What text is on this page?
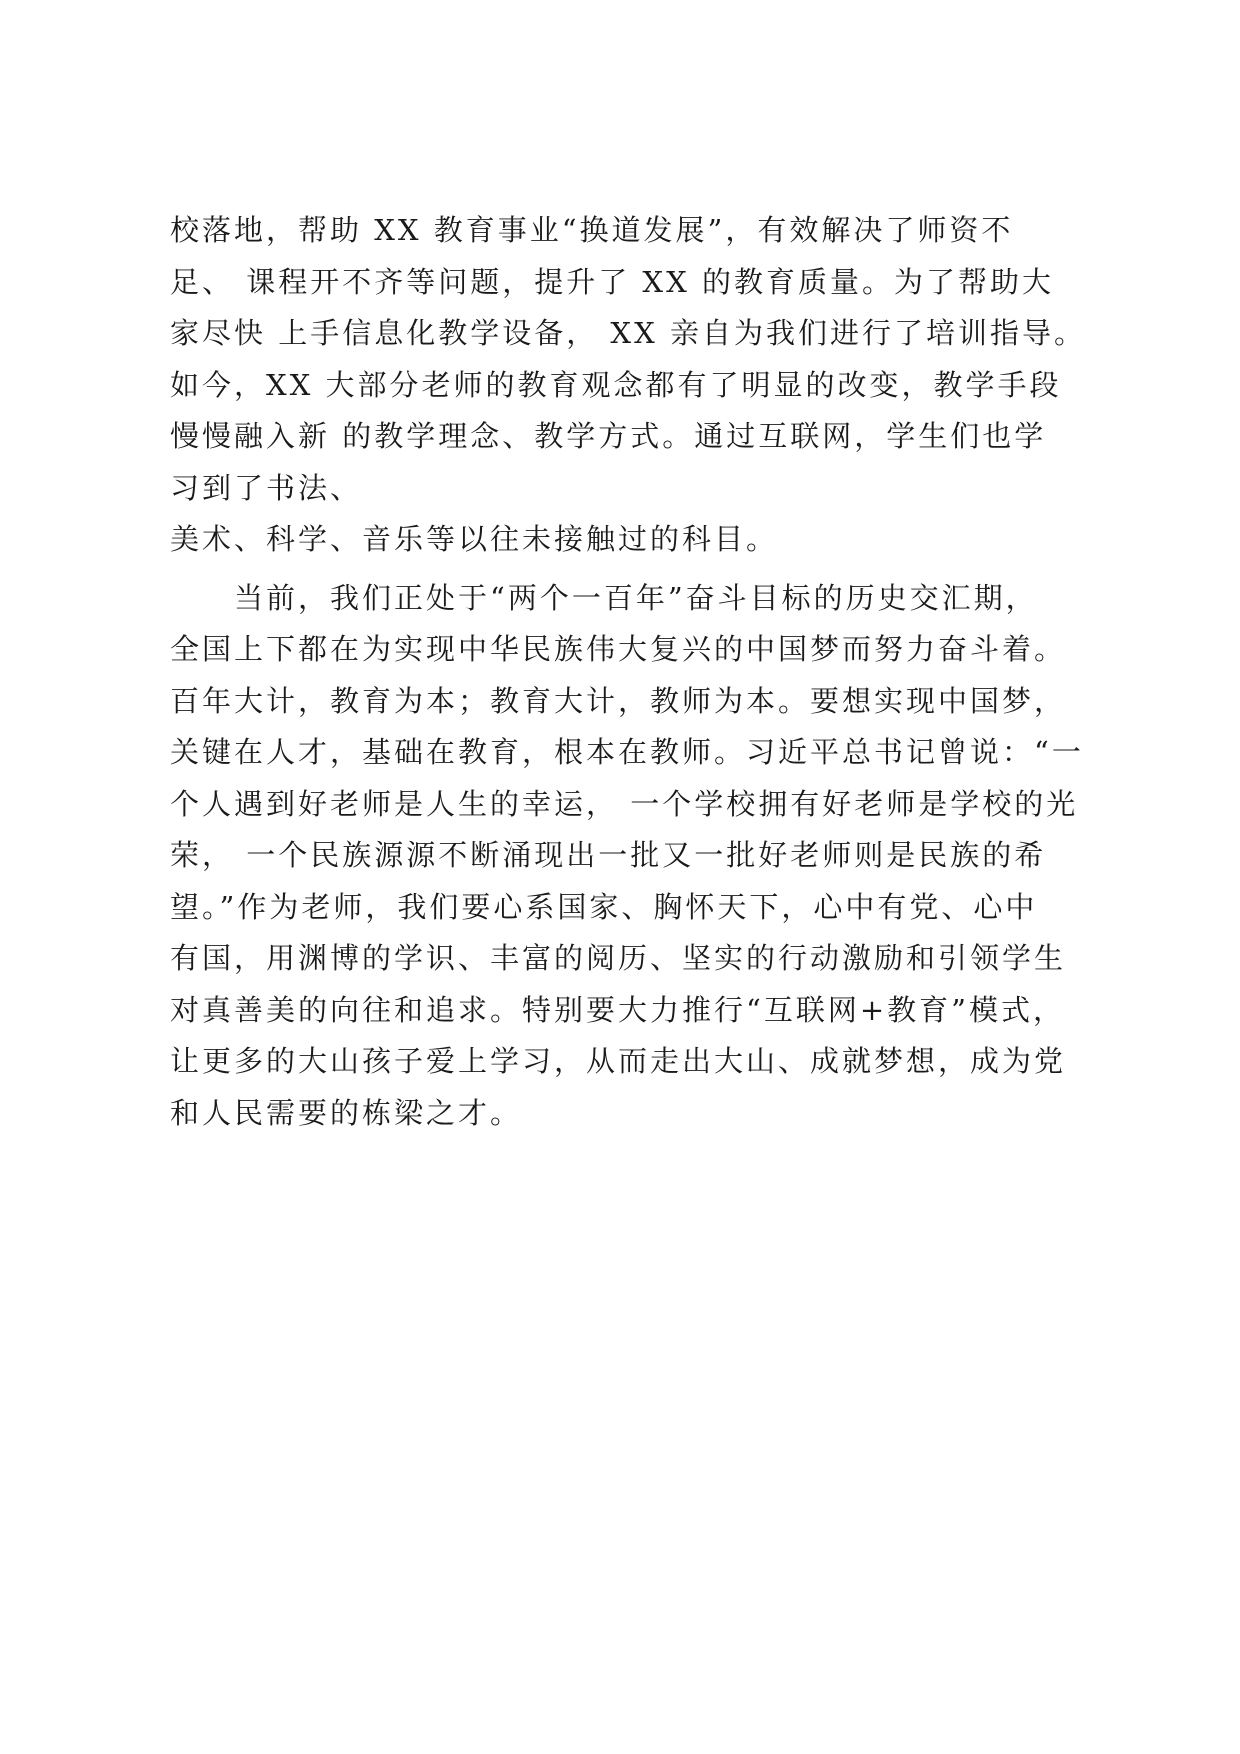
校落地，帮助 XX 教育事业“换道发展”，有效解决了师资不
足、 课程开不齐等问题，提升了 XX 的教育质量。为了帮助大
家尽快 上手信息化教学设备， XX 亲自为我们进行了培训指导。
如今，XX 大部分老师的教育观念都有了明显的改变，教学手段
慢慢融入新 的教学理念、教学方式。通过互联网，学生们也学
习到了书法、
美术、科学、音乐等以往未接触过的科目。
　　当前，我们正处于“两个一百年”奋斗目标的历史交汇期，
全国上下都在为实现中华民族伟大复兴的中国梦而努力奋斗着。
百年大计，教育为本；教育大计，教师为本。要想实现中国梦，
关键在人才，基础在教育，根本在教师。习近平总书记曾说：“一
个人遇到好老师是人生的幸运， 一个学校拥有好老师是学校的光
荣， 一个民族源源不断涌现出一批又一批好老师则是民族的希
望。”作为老师，我们要心系国家、胸怀天下，心中有党、心中
有国，用渊博的学识、丰富的阅历、坚实的行动激励和引领学生
对真善美的向往和追求。特别要大力推行“互联网+教育”模式，
让更多的大山孩子爱上学习，从而走出大山、成就梦想，成为党
和人民需要的栋梁之才。
